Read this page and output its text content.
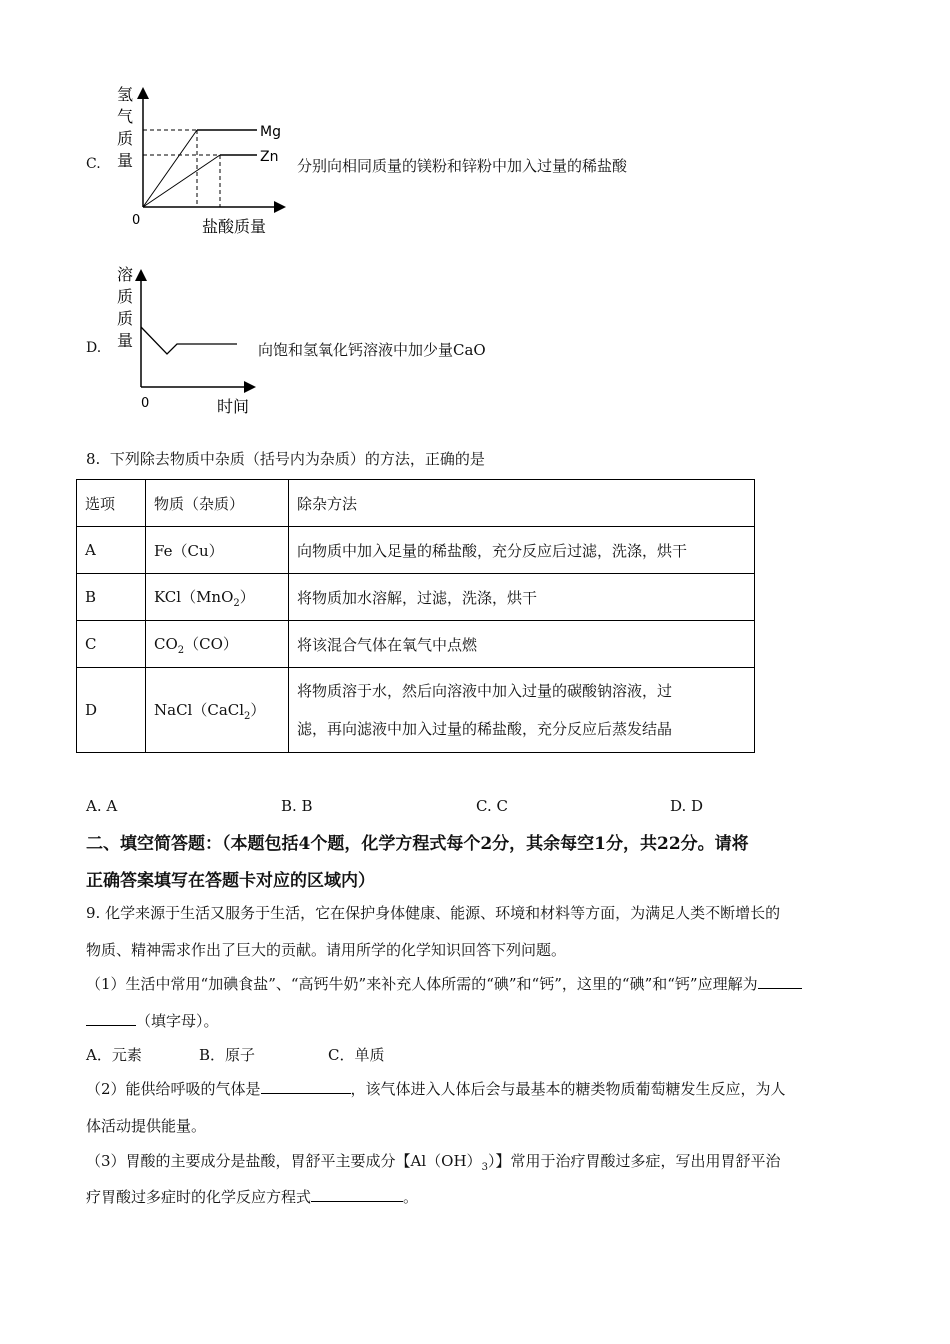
C.
氢
气
质
量
0	盐酸质量
Mg
Zn 分别向相同质量的镁粉和锌粉中加入过量的稀盐酸
D.
溶
质
质
量
0	时间
向饱和氢氧化钙溶液中加少量CaO
8.  下列除去物质中杂质（括号内为杂质）的方法，正确的是
选项	物质（杂质）	除杂方法
A	Fe（Cu）	向物质中加入足量的稀盐酸，充分反应后过滤，洗涤，烘干
B	KCl（MnO$_2$）	将物质加水溶解，过滤，洗涤，烘干
C	$CO_2(CO)$	将该混合气体在氧气中点燃
D	NaCl（CaCl$_2$）	将物质溶于水，然后向溶液中加入过量的碳酸钠溶液，过
滤，再向滤液中加入过量的稀盐酸，充分反应后蒸发结晶
A. A	B. B	C. C	D. D
二、填空简答题：（本题包括4个题，化学方程式每个2分，其余每空1分，共22分。请将
正确答案填写在答题卡对应的区域内）
9. 化学来源于生活又服务于生活，它在保护身体健康、能源、环境和材料等方面，为满足人类不断增长的
物质、精神需求作出了巨大的贡献。请用所学的化学知识回答下列问题。
（1）生活中常用“加碘食盐”、“高钙牛奶”来补充人体所需的“碘”和“钙”，这里的“碘”和“钙”应理解为
（填字母）。
A．元素	B．原子	C．单质
（2）能供给呼吸的气体是	，该气体进入人体后会与最基本的糖类物质葡萄糖发生反应，为人
体活动提供能量。
（3）胃酸的主要成分是盐酸，胃舒平主要成分【$Al(OH)_3$）】常用于治疗胃酸过多症，写出用胃舒平治
疗胃酸过多症时的化学反应方程式	。
